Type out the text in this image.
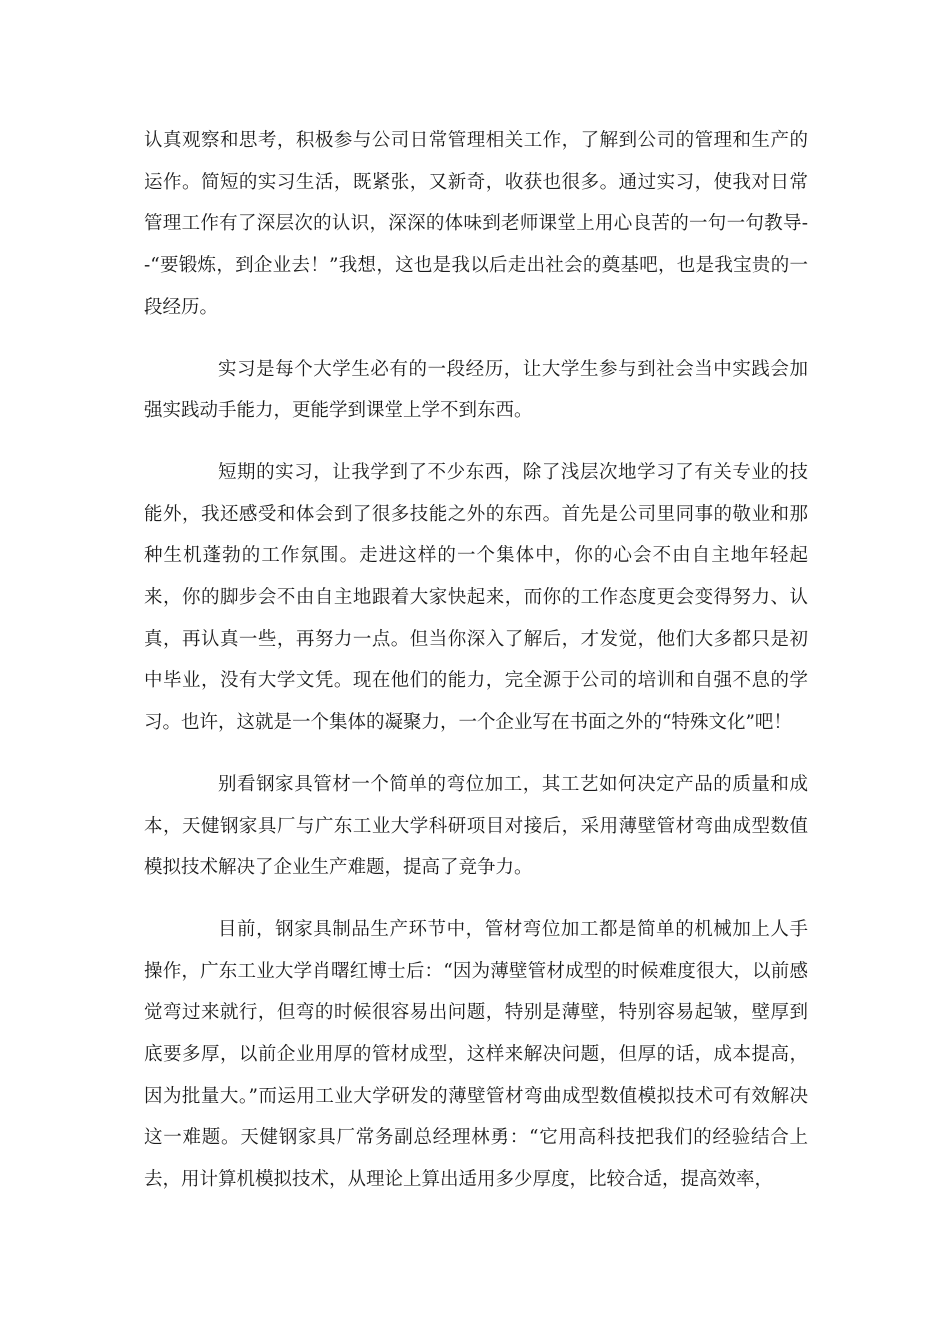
认真观察和思考，积极参与公司日常管理相关工作，了解到公司的管理和生产的运作。简短的实习生活，既紧张，又新奇，收获也很多。通过实习，使我对日常管理工作有了深层次的认识，深深的体味到老师课堂上用心良苦的一句一句教导--“要锻炼，到企业去！”我想，这也是我以后走出社会的奠基吧，也是我宝贵的一段经历。

实习是每个大学生必有的一段经历，让大学生参与到社会当中实践会加强实践动手能力，更能学到课堂上学不到东西。

短期的实习，让我学到了不少东西，除了浅层次地学习了有关专业的技能外，我还感受和体会到了很多技能之外的东西。首先是公司里同事的敬业和那种生机蓬勃的工作氛围。走进这样的一个集体中，你的心会不由自主地年轻起来，你的脚步会不由自主地跟着大家快起来，而你的工作态度更会变得努力、认真，再认真一些，再努力一点。但当你深入了解后，才发觉，他们大多都只是初中毕业，没有大学文凭。现在他们的能力，完全源于公司的培训和自强不息的学习。也许，这就是一个集体的凝聚力，一个企业写在书面之外的“特殊文化”吧！

别看钢家具管材一个简单的弯位加工，其工艺如何决定产品的质量和成本，天健钢家具厂与广东工业大学科研项目对接后，采用薄壁管材弯曲成型数值模拟技术解决了企业生产难题，提高了竞争力。

目前，钢家具制品生产环节中，管材弯位加工都是简单的机械加上人手操作，广东工业大学肖曙红博士后：“因为薄壁管材成型的时候难度很大，以前感觉弯过来就行，但弯的时候很容易出问题，特别是薄壁，特别容易起皱，壁厚到底要多厚，以前企业用厚的管材成型，这样来解决问题，但厚的话，成本提高，因为批量大。”而运用工业大学研发的薄壁管材弯曲成型数值模拟技术可有效解决这一难题。天健钢家具厂常务副总经理林勇：“它用高科技把我们的经验结合上去，用计算机模拟技术，从理论上算出适用多少厚度，比较合适，提高效率，
